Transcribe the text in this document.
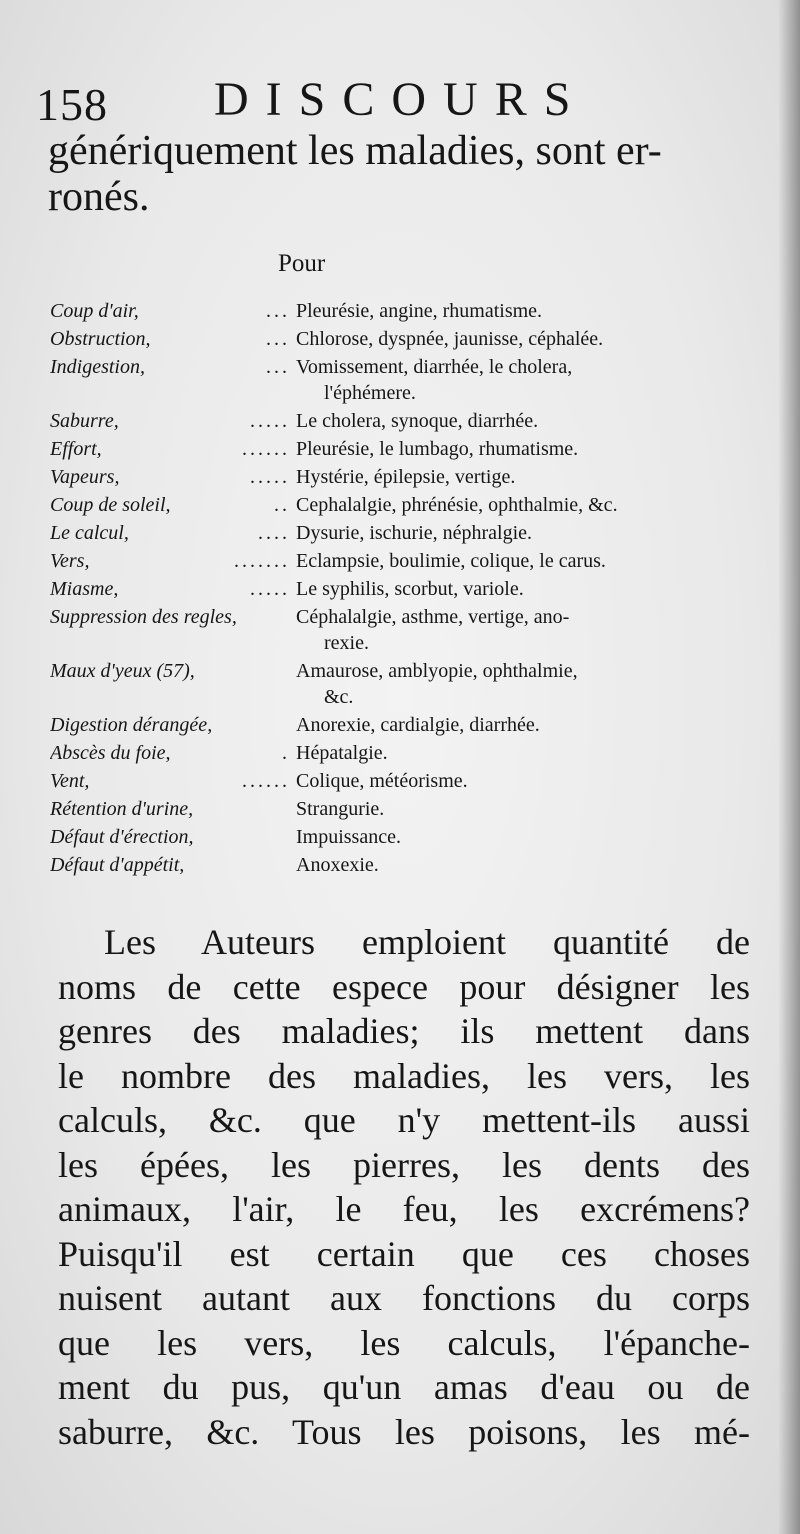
158 DISCOURS
génériquement les maladies, sont er-
ronés.
Pour
Coup d'air,	... Pleurésie, angine, rhumatisme.
Obstruction,	... Chlorose, dyspnée, jaunisse, céphalée.
Indigestion,	... Vomissement, diarrhée, le cholera,
l'éphémere.
Saburre,	..... Le cholera, synoque, diarrhée.
Effort,	...... Pleurésie, le lumbago, rhumatisme.
Vapeurs,	..... Hystérie, épilepsie, vertige.
Coup de soleil,	.. Cephalalgie, phrénésie, ophthalmie, &c.
Le calcul,	.... Dysurie, ischurie, néphralgie.
Vers,	....... Eclampsie, boulimie, colique, le carus.
Miasme,	..... Le syphilis, scorbut, variole.
Suppression des regles,	Céphalalgie, asthme, vertige, ano-
rexie.
Maux d'yeux (57),	Amaurose, amblyopie, ophthalmie,
&c.
Digestion dérangée,	Anorexie, cardialgie, diarrhée.
Abscès du foie,	. Hépatalgie.
Vent,	...... Colique, météorisme.
Rétention d'urine,	Strangurie.
Défaut d'érection,	Impuissance.
Défaut d'appétit,	Anoxexie.
Les Auteurs emploient quantité de
noms de cette espece pour désigner les
genres des maladies; ils mettent dans
le nombre des maladies, les vers, les
calculs, &c. que n'y mettent-ils aussi
les épées, les pierres, les dents des
animaux, l'air, le feu, les excrémens?
Puisqu'il est certain que ces choses
nuisent autant aux fonctions du corps
que les vers, les calculs, l'épanche-
ment du pus, qu'un amas d'eau ou de
saburre, &c. Tous les poisons, les mé-
